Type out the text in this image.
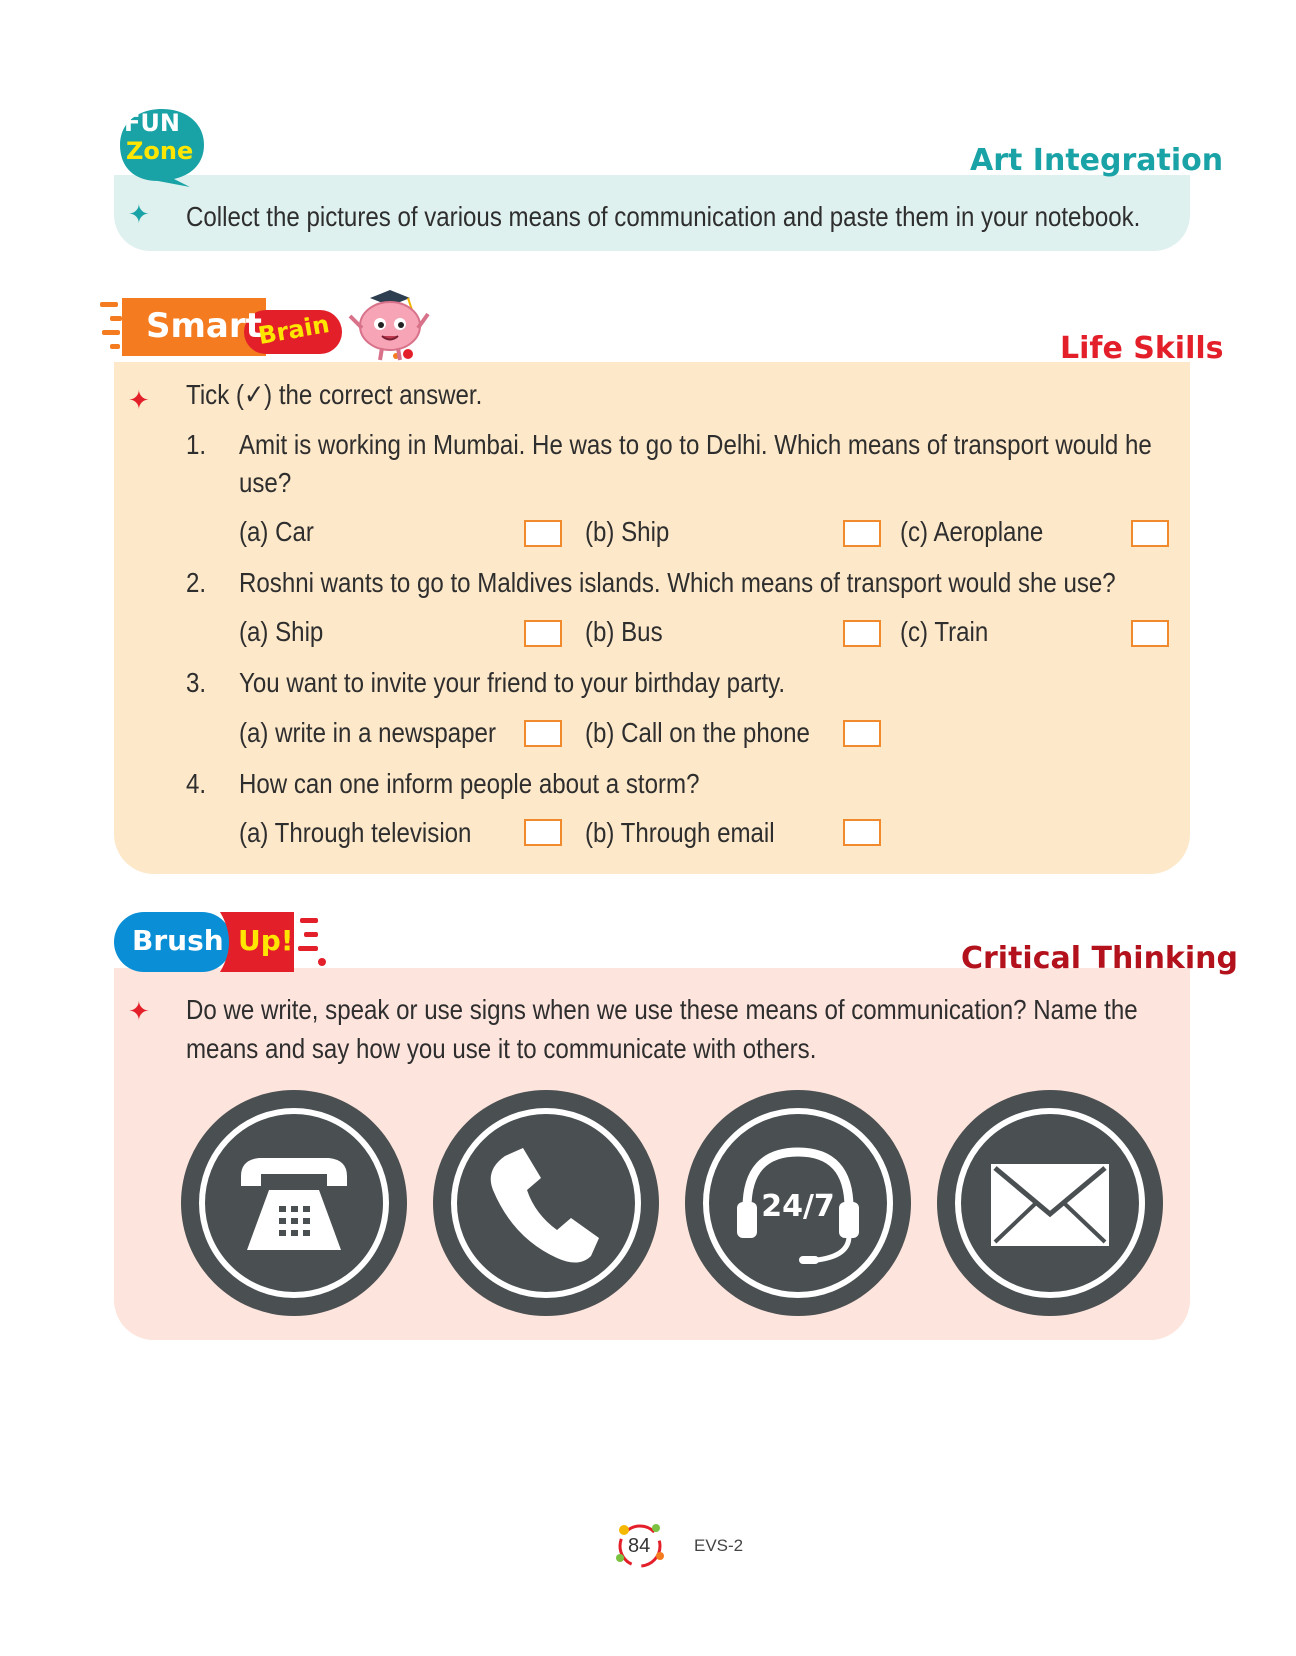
FUN
Zone	Art Integration
✦ Collect the pictures of various means of communication and paste them in your notebook.
Smart
Brain	Life Skills
✦ Tick (✓) the correct answer.
1. Amit is working in Mumbai. He was to go to Delhi. Which means of transport would he
use?
(a) Car	(b) Ship	(c) Aeroplane
2. Roshni wants to go to Maldives islands. Which means of transport would she use?
(a) Ship	(b) Bus	(c) Train
3. You want to invite your friend to your birthday party.
(a) write in a newspaper	(b) Call on the phone
4. How can one inform people about a storm?
(a) Through television	(b) Through email
Brush Up!
Critical Thinking
✦ Do we write, speak or use signs when we use these means of communication? Name the
means and say how you use it to communicate with others.
24/7
84	EVS-2
